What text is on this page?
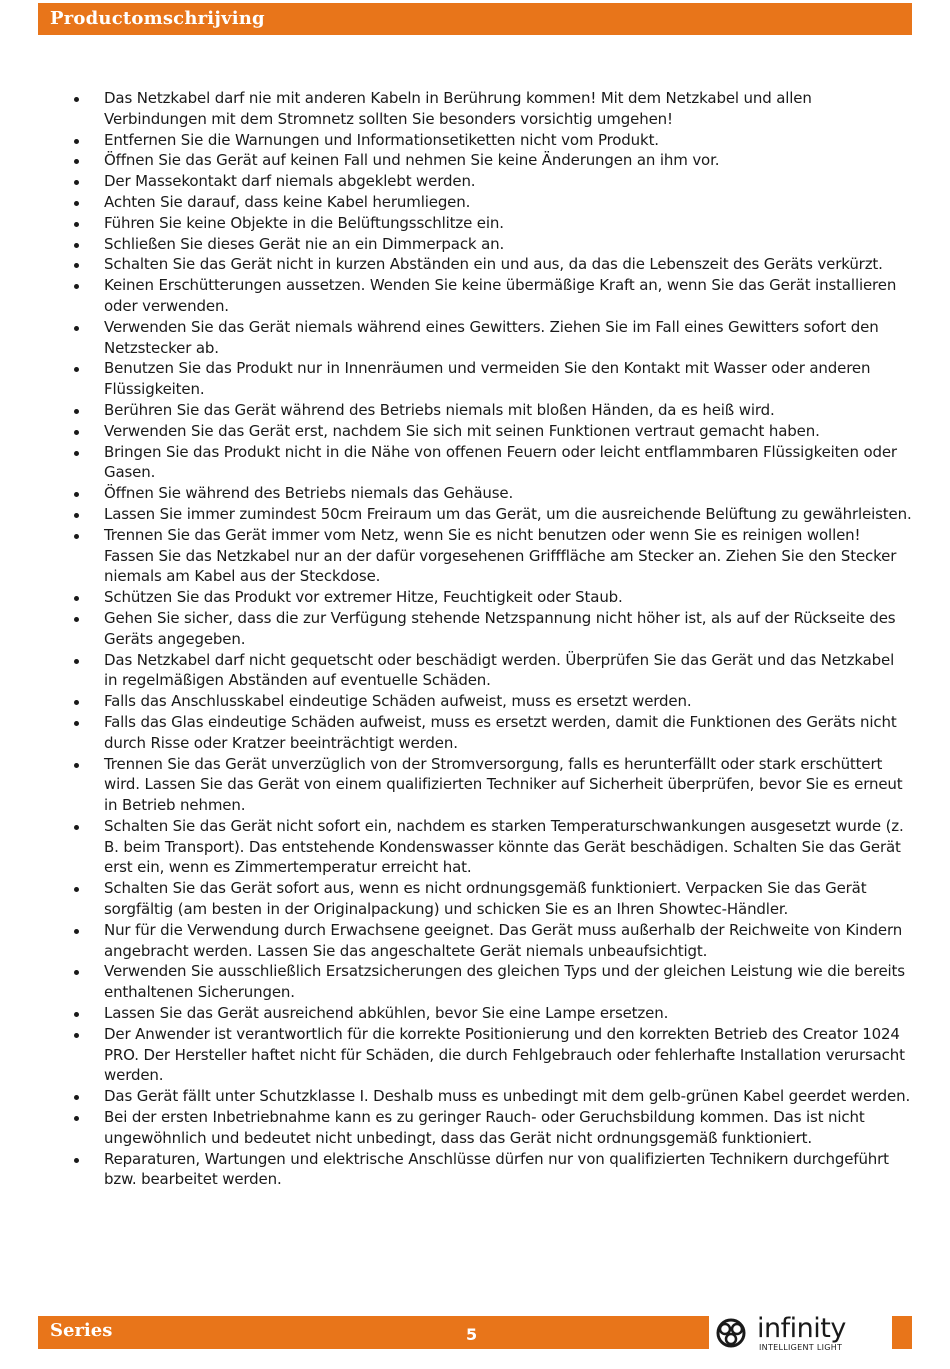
Productomschrijving
Das Netzkabel darf nie mit anderen Kabeln in Berührung kommen! Mit dem Netzkabel und allen Verbindungen mit dem Stromnetz sollten Sie besonders vorsichtig umgehen!
Entfernen Sie die Warnungen und Informationsetiketten nicht vom Produkt.
Öffnen Sie das Gerät auf keinen Fall und nehmen Sie keine Änderungen an ihm vor.
Der Massekontakt darf niemals abgeklebt werden.
Achten Sie darauf, dass keine Kabel herumliegen.
Führen Sie keine Objekte in die Belüftungsschlitze ein.
Schließen Sie dieses Gerät nie an ein Dimmerpack an.
Schalten Sie das Gerät nicht in kurzen Abständen ein und aus, da das die Lebenszeit des Geräts verkürzt.
Keinen Erschütterungen aussetzen. Wenden Sie keine übermäßige Kraft an, wenn Sie das Gerät installieren oder verwenden.
Verwenden Sie das Gerät niemals während eines Gewitters. Ziehen Sie im Fall eines Gewitters sofort den Netzstecker ab.
Benutzen Sie das Produkt nur in Innenräumen und vermeiden Sie den Kontakt mit Wasser oder anderen Flüssigkeiten.
Berühren Sie das Gerät während des Betriebs niemals mit bloßen Händen, da es heiß wird.
Verwenden Sie das Gerät erst, nachdem Sie sich mit seinen Funktionen vertraut gemacht haben.
Bringen Sie das Produkt nicht in die Nähe von offenen Feuern oder leicht entflammbaren Flüssigkeiten oder Gasen.
Öffnen Sie während des Betriebs niemals das Gehäuse.
Lassen Sie immer zumindest 50cm Freiraum um das Gerät, um die ausreichende Belüftung zu gewährleisten.
Trennen Sie das Gerät immer vom Netz, wenn Sie es nicht benutzen oder wenn Sie es reinigen wollen! Fassen Sie das Netzkabel nur an der dafür vorgesehenen Grifffläche am Stecker an. Ziehen Sie den Stecker niemals am Kabel aus der Steckdose.
Schützen Sie das Produkt vor extremer Hitze, Feuchtigkeit oder Staub.
Gehen Sie sicher, dass die zur Verfügung stehende Netzspannung nicht höher ist, als auf der Rückseite des Geräts angegeben.
Das Netzkabel darf nicht gequetscht oder beschädigt werden. Überprüfen Sie das Gerät und das Netzkabel in regelmäßigen Abständen auf eventuelle Schäden.
Falls das Anschlusskabel eindeutige Schäden aufweist, muss es ersetzt werden.
Falls das Glas eindeutige Schäden aufweist, muss es ersetzt werden, damit die Funktionen des Geräts nicht durch Risse oder Kratzer beeinträchtigt werden.
Trennen Sie das Gerät unverzüglich von der Stromversorgung, falls es herunterfällt oder stark erschüttert wird. Lassen Sie das Gerät von einem qualifizierten Techniker auf Sicherheit überprüfen, bevor Sie es erneut in Betrieb nehmen.
Schalten Sie das Gerät nicht sofort ein, nachdem es starken Temperaturschwankungen ausgesetzt wurde (z. B. beim Transport). Das entstehende Kondenswasser könnte das Gerät beschädigen. Schalten Sie das Gerät erst ein, wenn es Zimmertemperatur erreicht hat.
Schalten Sie das Gerät sofort aus, wenn es nicht ordnungsgemäß funktioniert. Verpacken Sie das Gerät sorgfältig (am besten in der Originalpackung) und schicken Sie es an Ihren Showtec-Händler.
Nur für die Verwendung durch Erwachsene geeignet. Das Gerät muss außerhalb der Reichweite von Kindern angebracht werden. Lassen Sie das angeschaltete Gerät niemals unbeaufsichtigt.
Verwenden Sie ausschließlich Ersatzsicherungen des gleichen Typs und der gleichen Leistung wie die bereits enthaltenen Sicherungen.
Lassen Sie das Gerät ausreichend abkühlen, bevor Sie eine Lampe ersetzen.
Der Anwender ist verantwortlich für die korrekte Positionierung und den korrekten Betrieb des Creator 1024 PRO. Der Hersteller haftet nicht für Schäden, die durch Fehlgebrauch oder fehlerhafte Installation verursacht werden.
Das Gerät fällt unter Schutzklasse I. Deshalb muss es unbedingt mit dem gelb-grünen Kabel geerdet werden.
Bei der ersten Inbetriebnahme kann es zu geringer Rauch- oder Geruchsbildung kommen. Das ist nicht ungewöhnlich und bedeutet nicht unbedingt, dass das Gerät nicht ordnungsgemäß funktioniert.
Reparaturen, Wartungen und elektrische Anschlüsse dürfen nur von qualifizierten Technikern durchgeführt bzw. bearbeitet werden.
Series	5	infinity
INTELLIGENT LIGHT
